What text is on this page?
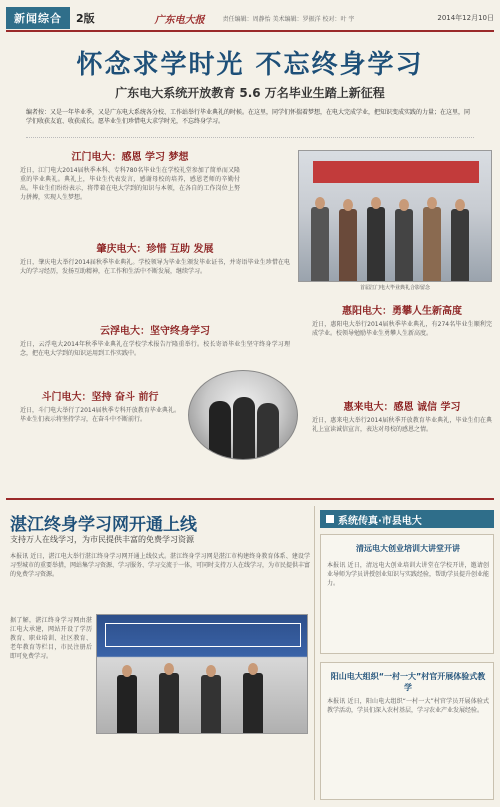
新闻综合	2版	广东电大报	责任编辑：周静怡 美术编辑：罗振洋 校对：叶 宇	2014年12月10日
怀念求学时光 不忘终身学习
广东电大系统开放教育 5.6 万名毕业生踏上新征程
编者按：又是一年毕业季，又是广东电大系统各分校、工作站举行毕业典礼的时候。在这里，同学们怀揣着梦想，在电大完成学业，把知识变成实践的力量；在这里，同学们收获友谊、收获成长。愿毕业生们珍惜电大求学时光，不忘终身学习。
江门电大：感恩 学习 梦想
近日，江门电大2014届秋季本科、专科780名毕业生在学校礼堂参加了简单而又隆重的毕业典礼。典礼上，毕业生代表发言，感谢母校的培养，感恩老师的辛勤付出。毕业生们纷纷表示，将带着在电大学到的知识与本领，在各自的工作岗位上努力拼搏，实现人生梦想。
首届江门电大毕业典礼合影留念
肇庆电大：珍惜 互助 发展
近日，肇庆电大举行2014届秋季毕业典礼。学校领导为毕业生颁发毕业证书，并寄语毕业生珍惜在电大的学习经历，发扬互助精神，在工作和生活中不断发展，继续学习。
云浮电大：坚守终身学习
近日，云浮电大2014年秋季毕业典礼在学校学术报告厅隆重举行。校长寄语毕业生坚守终身学习理念，把在电大学到的知识运用到工作实践中。
惠阳电大：勇攀人生新高度
近日，惠阳电大举行2014届秋季毕业典礼，有274名毕业生顺利完成学业。校领导勉励毕业生勇攀人生新高度。
斗门电大：坚持 奋斗 前行
近日，斗门电大举行了2014届秋季专科开放教育毕业典礼。毕业生们表示将坚持学习，在奋斗中不断前行。
惠来电大：感恩 诚信 学习
近日，惠来电大举行2014届秋季开放教育毕业典礼，毕业生们在典礼上宣读诚信宣言，表达对母校的感恩之情。
湛江终身学习网开通上线
支持万人在线学习，为市民提供丰富的免费学习资源
本报讯 近日，湛江电大举行湛江终身学习网开通上线仪式。湛江终身学习网是湛江市构建终身教育体系、建设学习型城市的重要举措，网站集学习资源、学习服务、学习交流于一体，可同时支持万人在线学习，为市民提供丰富的免费学习资源。
据了解，湛江终身学习网由湛江电大承建，网站开设了学历教育、职业培训、社区教育、老年教育等栏目，市民注册后即可免费学习。
系统传真·市县电大
清远电大创业培训大讲堂开讲
本报讯 近日，清远电大创业培训大讲堂在学校开讲，邀请创业导师为学员讲授创业知识与实践经验，帮助学员提升创业能力。
阳山电大组织“一村一大”村官开展体验式教学
本报讯 近日，阳山电大组织“一村一大”村官学员开展体验式教学活动，学员们深入农村基层，学习农业产业发展经验。
